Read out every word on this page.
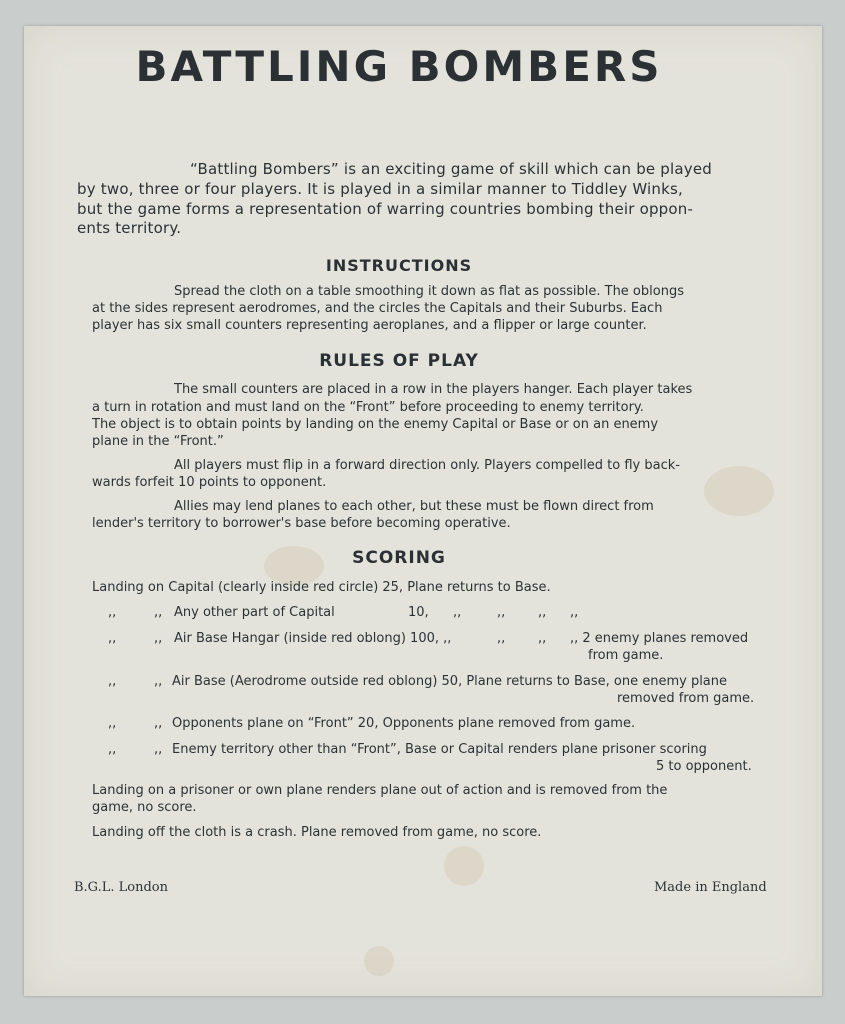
BATTLING BOMBERS
“Battling Bombers” is an exciting game of skill which can be played
by two, three or four players. It is played in a similar manner to Tiddley Winks,
but the game forms a representation of warring countries bombing their oppon-
ents territory.
INSTRUCTIONS
Spread the cloth on a table smoothing it down as flat as possible. The oblongs
at the sides represent aerodromes, and the circles the Capitals and their Suburbs. Each
player has six small counters representing aeroplanes, and a flipper or large counter.
RULES OF PLAY
The small counters are placed in a row in the players hanger. Each player takes
a turn in rotation and must land on the “Front” before proceeding to enemy territory.
The object is to obtain points by landing on the enemy Capital or Base or on an enemy
plane in the “Front.”
All players must flip in a forward direction only. Players compelled to fly back-
wards forfeit 10 points to opponent.
Allies may lend planes to each other, but these must be flown direct from
lender's territory to borrower's base before becoming operative.
SCORING
Landing on Capital (clearly inside red circle) 25, Plane returns to Base.
,,	,, Any other part of Capital	10, ,,	,,	,, ,,
,,	,, Air Base Hangar (inside red oblong) 100, ,,	,,	,, ,, 2 enemy planes removed
from game.
,,	,, Air Base (Aerodrome outside red oblong) 50, Plane returns to Base, one enemy plane
removed from game.
,,	,, Opponents plane on “Front” 20, Opponents plane removed from game.
,,	,, Enemy territory other than “Front”, Base or Capital renders plane prisoner scoring
5 to opponent.
Landing on a prisoner or own plane renders plane out of action and is removed from the
game, no score.
Landing off the cloth is a crash. Plane removed from game, no score.
B.G.L. London	Made in England
